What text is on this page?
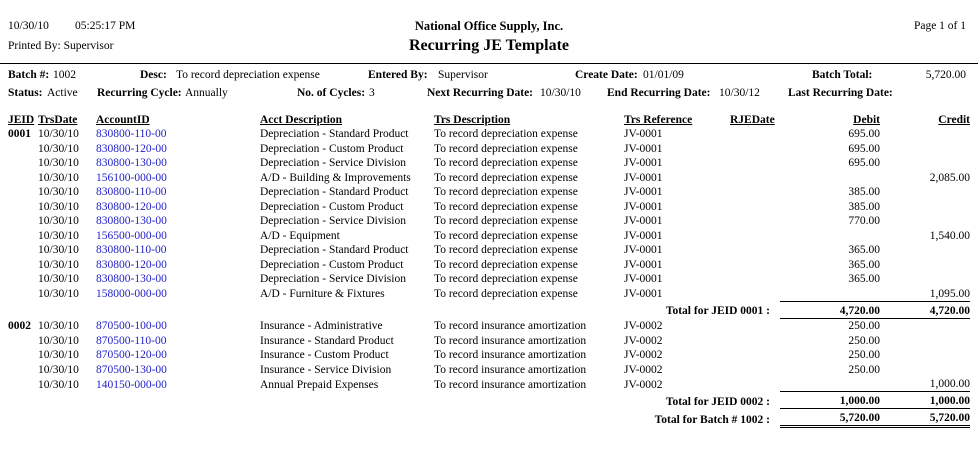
10/30/10 05:25:17 PM
Printed By: Supervisor
National Office Supply, Inc.
Recurring JE Template
Page 1 of 1
Batch #: 1002	Desc: To record depreciation expense	Entered By: Supervisor	Create Date: 01/01/09	Batch Total:	5,720.00
Status: Active Recurring Cycle: Annually	No. of Cycles: 3	Next Recurring Date: 10/30/10 End Recurring Date: 10/30/12 Last Recurring Date:
JEID	TrsDate	AccountID	Acct Description	Trs Description	Trs Reference	RJEDate	Debit	Credit
0001	10/30/10	830800-110-00	Depreciation - Standard Product	To record depreciation expense	JV-0001		695.00	
	10/30/10	830800-120-00	Depreciation - Custom Product	To record depreciation expense	JV-0001		695.00	
	10/30/10	830800-130-00	Depreciation - Service Division	To record depreciation expense	JV-0001		695.00	
	10/30/10	156100-000-00	A/D - Building & Improvements	To record depreciation expense	JV-0001			2,085.00
	10/30/10	830800-110-00	Depreciation - Standard Product	To record depreciation expense	JV-0001		385.00	
	10/30/10	830800-120-00	Depreciation - Custom Product	To record depreciation expense	JV-0001		385.00	
	10/30/10	830800-130-00	Depreciation - Service Division	To record depreciation expense	JV-0001		770.00	
	10/30/10	156500-000-00	A/D - Equipment	To record depreciation expense	JV-0001			1,540.00
	10/30/10	830800-110-00	Depreciation - Standard Product	To record depreciation expense	JV-0001		365.00	
	10/30/10	830800-120-00	Depreciation - Custom Product	To record depreciation expense	JV-0001		365.00	
	10/30/10	830800-130-00	Depreciation - Service Division	To record depreciation expense	JV-0001		365.00	
	10/30/10	158000-000-00	A/D - Furniture & Fixtures	To record depreciation expense	JV-0001			1,095.00
Total for JEID 0001 :							4,720.00	4,720.00
0002	10/30/10	870500-100-00	Insurance - Administrative	To record insurance amortization	JV-0002		250.00	
	10/30/10	870500-110-00	Insurance - Standard Product	To record insurance amortization	JV-0002		250.00	
	10/30/10	870500-120-00	Insurance - Custom Product	To record insurance amortization	JV-0002		250.00	
	10/30/10	870500-130-00	Insurance - Service Division	To record insurance amortization	JV-0002		250.00	
	10/30/10	140150-000-00	Annual Prepaid Expenses	To record insurance amortization	JV-0002			1,000.00
Total for JEID 0002 :							1,000.00	1,000.00
Total for Batch # 1002 :							5,720.00	5,720.00
